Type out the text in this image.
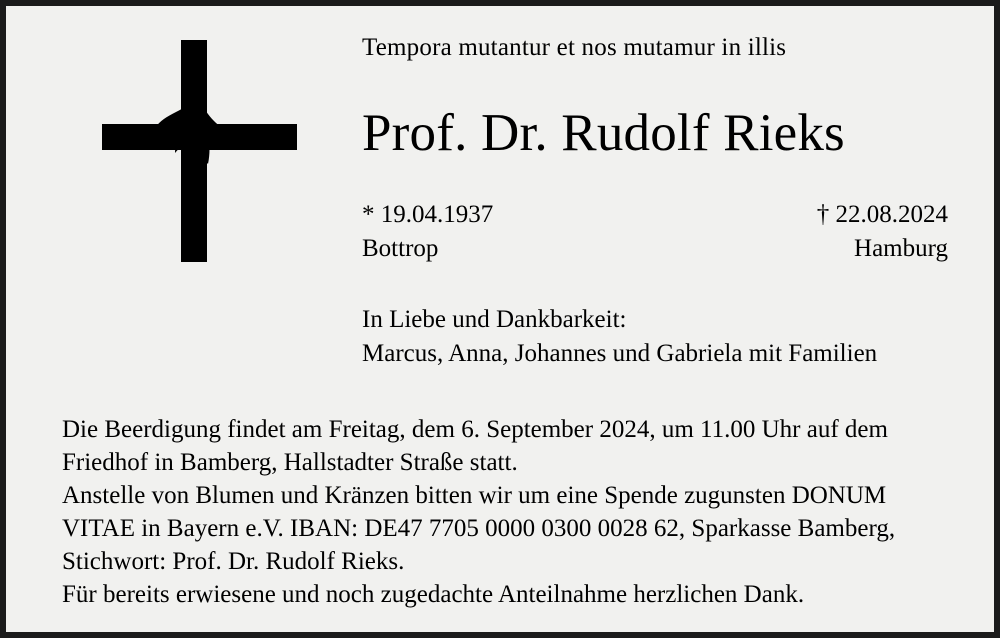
Tempora mutantur et nos mutamur in illis
Prof. Dr. Rudolf Rieks
* 19.04.1937	† 22.08.2024
Bottrop	Hamburg
In Liebe und Dankbarkeit:
Marcus, Anna, Johannes und Gabriela mit Familien

Die Beerdigung findet am Freitag, dem 6. September 2024, um 11.00 Uhr auf dem

Friedhof in Bamberg, Hallstadter Straße statt.

Anstelle von Blumen und Kränzen bitten wir um eine Spende zugunsten DONUM

VITAE in Bayern e.V. IBAN: DE47 7705 0000 0300 0028 62, Sparkasse Bamberg,

Stichwort: Prof. Dr. Rudolf Rieks.

Für bereits erwiesene und noch zugedachte Anteilnahme herzlichen Dank.
